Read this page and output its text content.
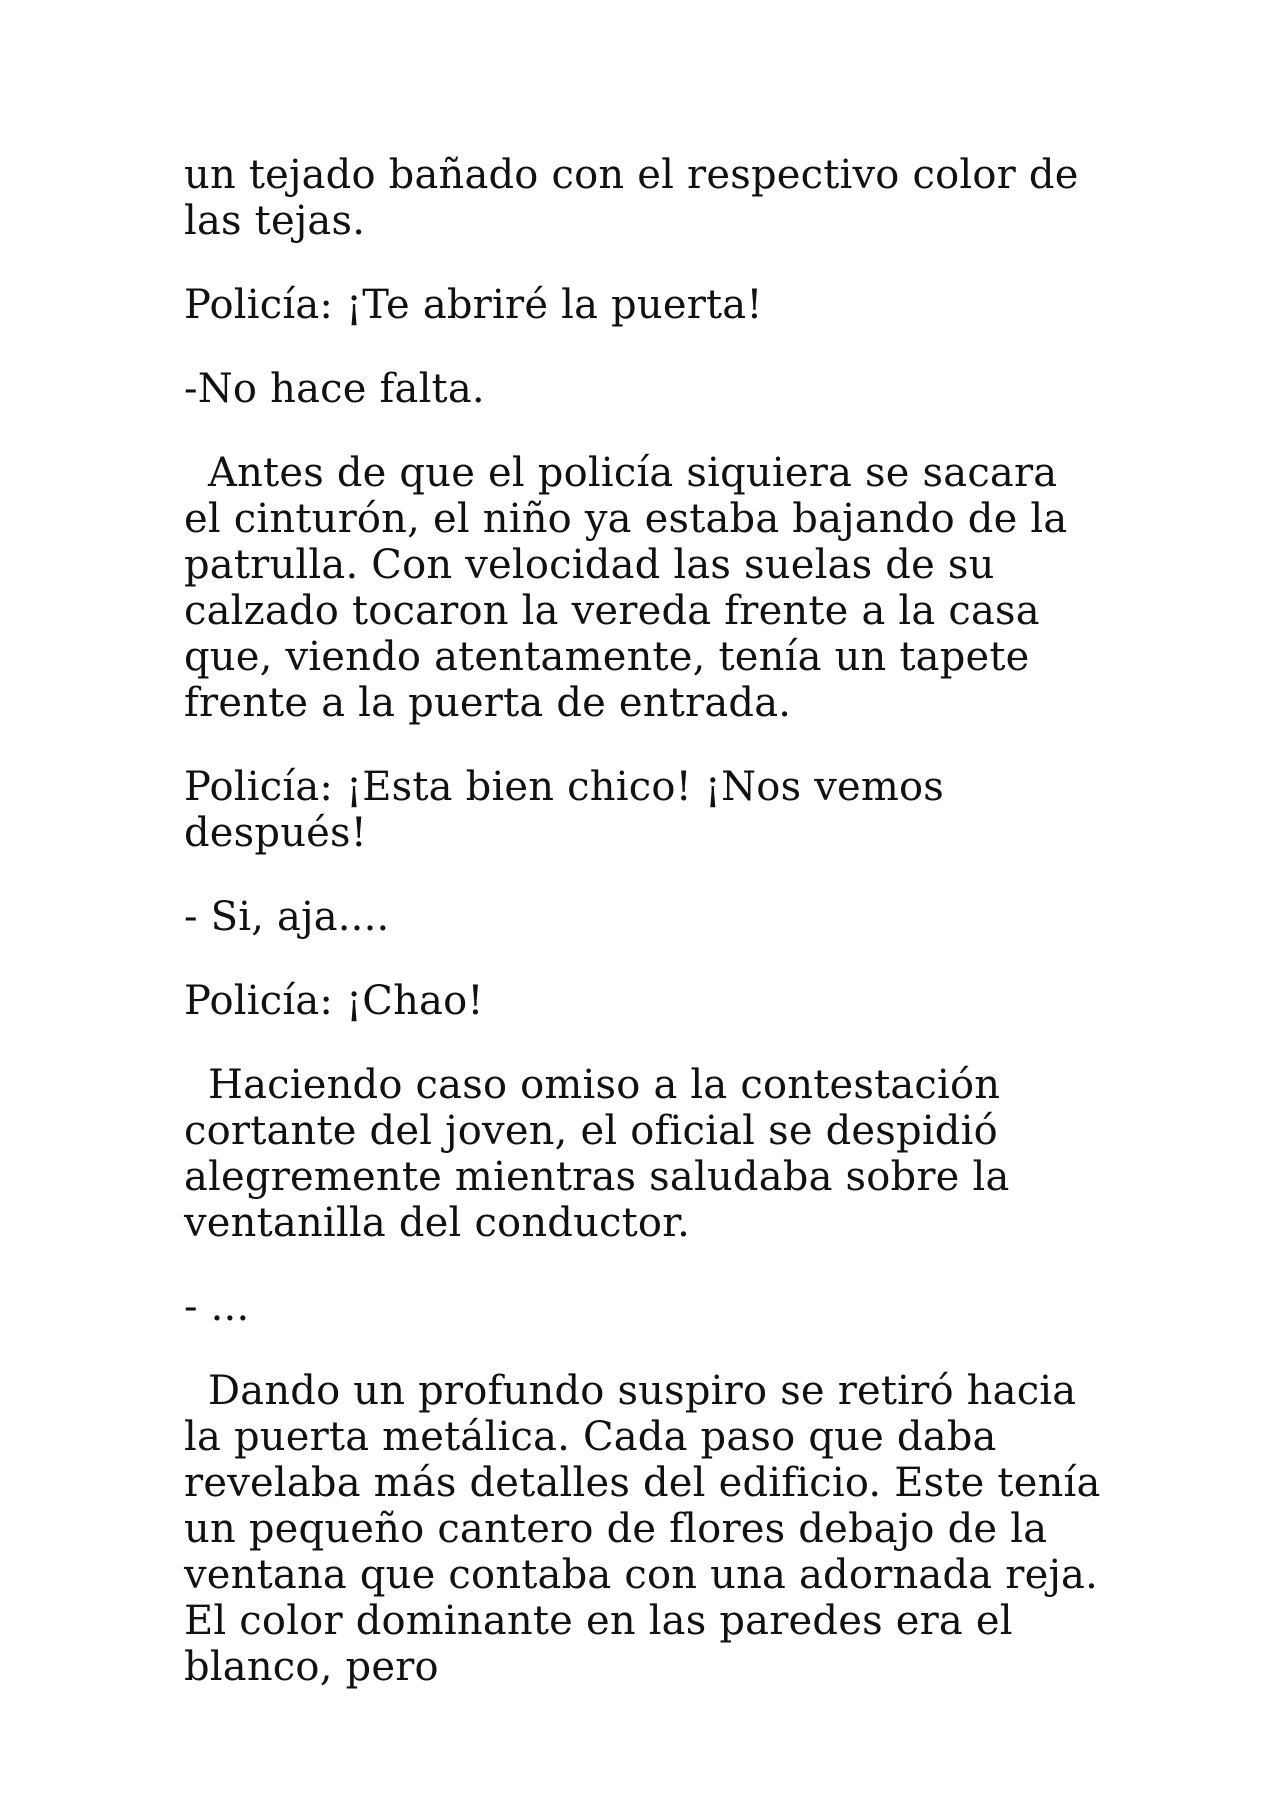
un tejado bañado con el respectivo color de las tejas.

Policía: ¡Te abriré la puerta!

-No hace falta.

Antes de que el policía siquiera se sacara el cinturón, el niño ya estaba bajando de la patrulla. Con velocidad las suelas de su calzado tocaron la vereda frente a la casa que, viendo atentamente, tenía un tapete frente a la puerta de entrada.

Policía: ¡Esta bien chico! ¡Nos vemos después!

- Si, aja....

Policía: ¡Chao!

Haciendo caso omiso a la contestación cortante del joven, el oficial se despidió alegremente mientras saludaba sobre la ventanilla del conductor.

- ...

Dando un profundo suspiro se retiró hacia la puerta metálica. Cada paso que daba revelaba más detalles del edificio. Este tenía un pequeño cantero de flores debajo de la ventana que contaba con una adornada reja. El color dominante en las paredes era el blanco, pero
